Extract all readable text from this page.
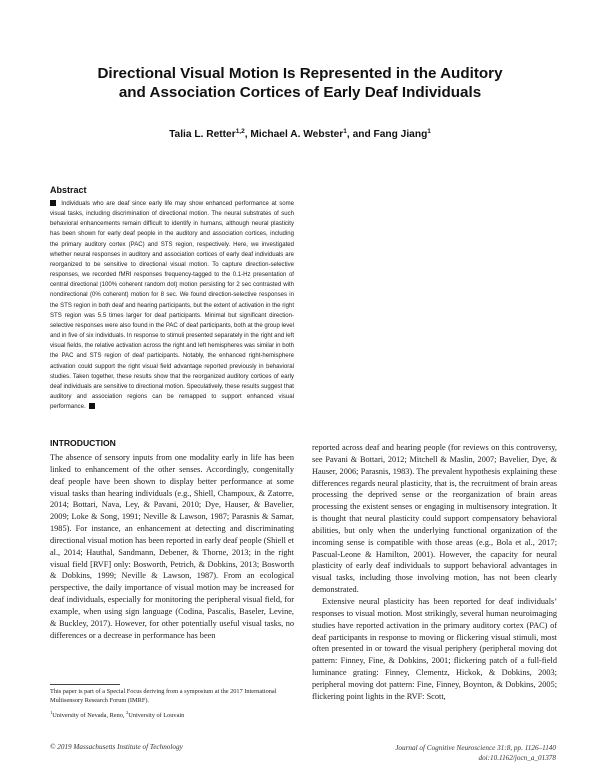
Directional Visual Motion Is Represented in the Auditory
and Association Cortices of Early Deaf Individuals
Talia L. Retter$^{1,2}$, Michael A. Webster$^1$, and Fang Jiang$^1$
Abstract
Individuals who are deaf since early life may show enhanced performance at some visual tasks, including discrimination of directional motion. The neural substrates of such behavioral enhancements remain difficult to identify in humans, although neural plasticity has been shown for early deaf people in the auditory and association cortices, including the primary auditory cortex (PAC) and STS region, respectively. Here, we investigated whether neural responses in auditory and association cortices of early deaf individuals are reorganized to be sensitive to directional visual motion. To capture direction-selective responses, we recorded fMRI responses frequency-tagged to the 0.1-Hz presentation of central directional (100% coherent random dot) motion persisting for 2 sec contrasted with nondirectional (0% coherent) motion for 8 sec. We found direction-selective responses in the STS region in both deaf and hearing participants, but the extent of activation in the right STS region was 5.5 times larger for deaf participants. Minimal but significant direction-selective responses were also found in the PAC of deaf participants, both at the group level and in five of six individuals. In response to stimuli presented separately in the right and left visual fields, the relative activation across the right and left hemispheres was similar in both the PAC and STS region of deaf participants. Notably, the enhanced right-hemisphere activation could support the right visual field advantage reported previously in behavioral studies. Taken together, these results show that the reorganized auditory cortices of early deaf individuals are sensitive to directional motion. Speculatively, these results suggest that auditory and association regions can be remapped to support enhanced visual performance.
INTRODUCTION

The absence of sensory inputs from one modality early in life has been linked to enhancement of the other senses. Accordingly, congenitally deaf people have been shown to display better performance at some visual tasks than hearing individuals (e.g., Shiell, Champoux, & Zatorre, 2014; Bottari, Nava, Ley, & Pavani, 2010; Dye, Hauser, & Bavelier, 2009; Loke & Song, 1991; Neville & Lawson, 1987; Parasnis & Samar, 1985). For instance, an enhancement at detecting and discriminating directional visual motion has been reported in early deaf people (Shiell et al., 2014; Hauthal, Sandmann, Debener, & Thorne, 2013; in the right visual field [RVF] only: Bosworth, Petrich, & Dobkins, 2013; Bosworth & Dobkins, 1999; Neville & Lawson, 1987). From an ecological perspective, the daily importance of visual motion may be increased for deaf individuals, especially for monitoring the peripheral visual field, for example, when using sign language (Codina, Pascalis, Baseler, Levine, & Buckley, 2017). However, for other potentially useful visual tasks, no differences or a decrease in performance has been

reported across deaf and hearing people (for reviews on this controversy, see Pavani & Bottari, 2012; Mitchell & Maslin, 2007; Bavelier, Dye, & Hauser, 2006; Parasnis, 1983). The prevalent hypothesis explaining these differences regards neural plasticity, that is, the recruitment of brain areas processing the deprived sense or the reorganization of brain areas processing the existent senses or engaging in multisensory integration. It is thought that neural plasticity could support compensatory behavioral abilities, but only when the underlying functional organization of the incoming sense is compatible with those areas (e.g., Bola et al., 2017; Pascual-Leone & Hamilton, 2001). However, the capacity for neural plasticity of early deaf individuals to support behavioral advantages in visual tasks, including those involving motion, has not been clearly demonstrated.

Extensive neural plasticity has been reported for deaf individuals’ responses to visual motion. Most strikingly, several human neuroimaging studies have reported activation in the primary auditory cortex (PAC) of deaf participants in response to moving or flickering visual stimuli, most often presented in or toward the visual periphery (peripheral moving dot pattern: Finney, Fine, & Dobkins, 2001; flickering patch of a full-field luminance grating: Finney, Clementz, Hickok, & Dobkins, 2003; peripheral moving dot pattern: Fine, Finney, Boynton, & Dobkins, 2005; flickering point lights in the RVF: Scott,

This paper is part of a Special Focus deriving from a symposium at the 2017 International Multisensory Research Forum (IMRF).

$^1$University of Nevada, Reno, $^2$University of Louvain

© 2019 Massachusetts Institute of Technology	Journal of Cognitive Neuroscience 31:8, pp. 1126–1140
doi:10.1162/jocn_a_01378
